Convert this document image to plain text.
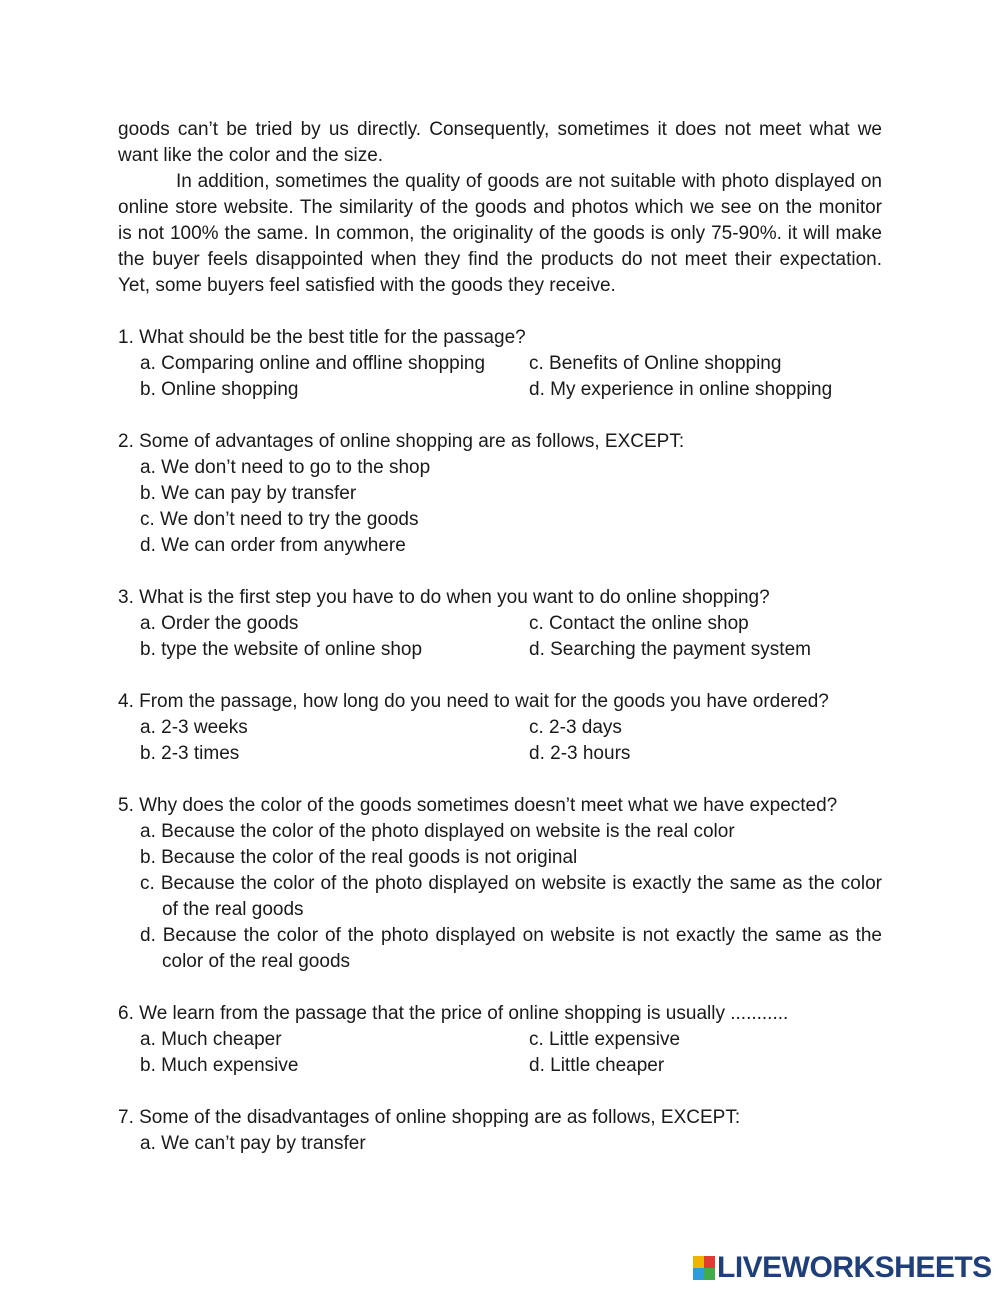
goods can’t be tried by us directly. Consequently, sometimes it does not meet what we want like the color and the size.

In addition, sometimes the quality of goods are not suitable with photo displayed on online store website. The similarity of the goods and photos which we see on the monitor is not 100% the same. In common, the originality of the goods is only 75-90%. it will make the buyer feels disappointed when they find the products do not meet their expectation. Yet, some buyers feel satisfied with the goods they receive.

1. What should be the best title for the passage?
a. Comparing online and offline shopping	c. Benefits of Online shopping
b. Online shopping	d. My experience in online shopping
2. Some of advantages of online shopping are as follows, EXCEPT:
a. We don’t need to go to the shop
b. We can pay by transfer
c. We don’t need to try the goods
d. We can order from anywhere
3. What is the first step you have to do when you want to do online shopping?
a. Order the goods	c. Contact the online shop
b. type the website of online shop	d. Searching the payment system
4. From the passage, how long do you need to wait for the goods you have ordered?
a. 2-3 weeks	c. 2-3 days
b. 2-3 times	d. 2-3 hours
5. Why does the color of the goods sometimes doesn’t meet what we have expected?
a. Because the color of the photo displayed on website is the real color
b. Because the color of the real goods is not original
c. Because the color of the photo displayed on website is exactly the same as the color of the real goods
d. Because the color of the photo displayed on website is not exactly the same as the color of the real goods
6. We learn from the passage that the price of online shopping is usually ...........
a. Much cheaper	c. Little expensive
b. Much expensive	d. Little cheaper
7. Some of the disadvantages of online shopping are as follows, EXCEPT:
a. We can’t pay by transfer
LIVEWORKSHEETS
